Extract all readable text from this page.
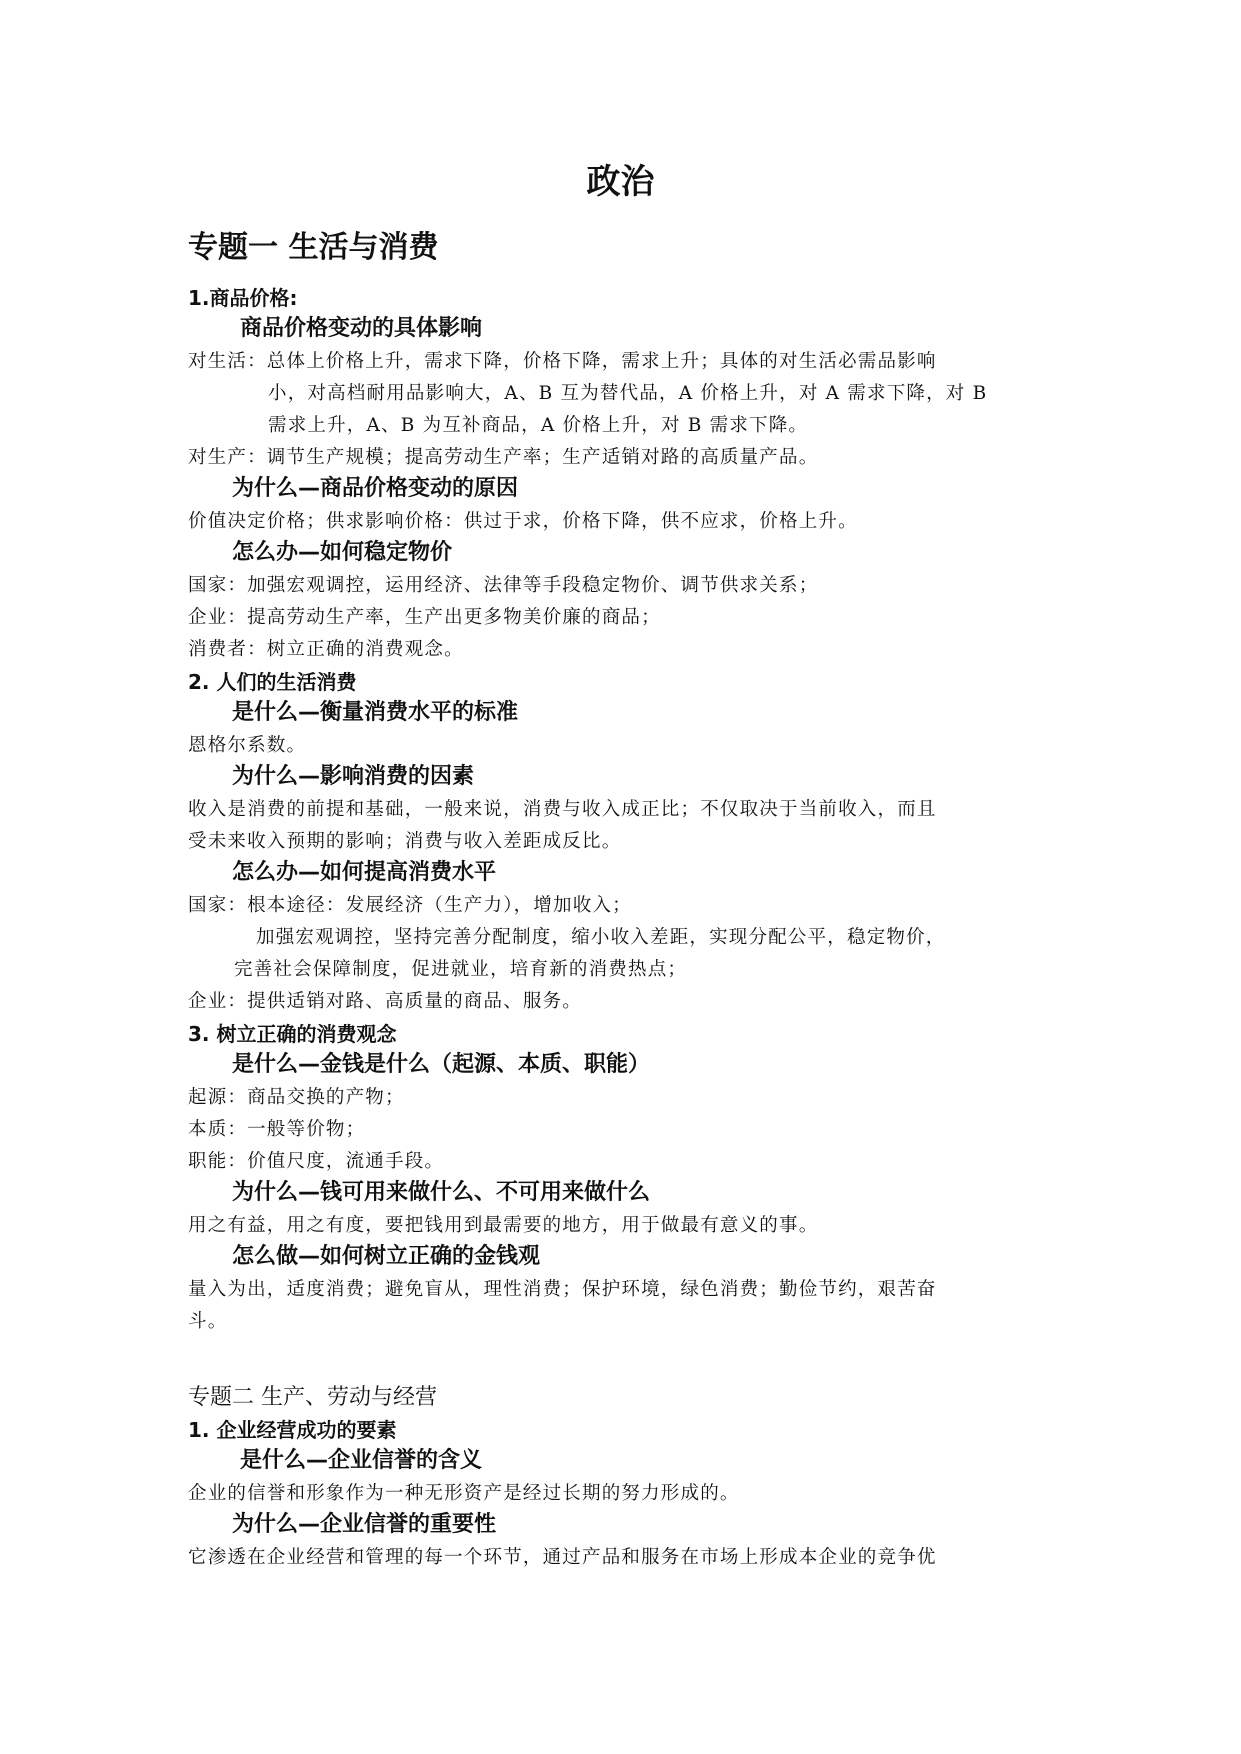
政治
专题一 生活与消费
1.商品价格:
商品价格变动的具体影响
对生活：总体上价格上升，需求下降，价格下降，需求上升；具体的对生活必需品影响
小，对高档耐用品影响大，A、B 互为替代品，A 价格上升，对 A 需求下降，对 B
需求上升，A、B 为互补商品，A 价格上升，对 B 需求下降。
对生产：调节生产规模；提高劳动生产率；生产适销对路的高质量产品。
为什么—商品价格变动的原因
价值决定价格；供求影响价格：供过于求，价格下降，供不应求，价格上升。
怎么办—如何稳定物价
国家：加强宏观调控，运用经济、法律等手段稳定物价、调节供求关系；
企业：提高劳动生产率，生产出更多物美价廉的商品；
消费者：树立正确的消费观念。
2. 人们的生活消费
是什么—衡量消费水平的标准
恩格尔系数。
为什么—影响消费的因素
收入是消费的前提和基础，一般来说，消费与收入成正比；不仅取决于当前收入，而且
受未来收入预期的影响；消费与收入差距成反比。
怎么办—如何提高消费水平
国家：根本途径：发展经济（生产力），增加收入；
加强宏观调控，坚持完善分配制度，缩小收入差距，实现分配公平，稳定物价，
完善社会保障制度，促进就业，培育新的消费热点；
企业：提供适销对路、高质量的商品、服务。
3. 树立正确的消费观念
是什么—金钱是什么（起源、本质、职能）
起源：商品交换的产物；
本质：一般等价物；
职能：价值尺度，流通手段。
为什么—钱可用来做什么、不可用来做什么
用之有益，用之有度，要把钱用到最需要的地方，用于做最有意义的事。
怎么做—如何树立正确的金钱观
量入为出，适度消费；避免盲从，理性消费；保护环境，绿色消费；勤俭节约，艰苦奋
斗。
专题二 生产、劳动与经营
1. 企业经营成功的要素
是什么—企业信誉的含义
企业的信誉和形象作为一种无形资产是经过长期的努力形成的。
为什么—企业信誉的重要性
它渗透在企业经营和管理的每一个环节，通过产品和服务在市场上形成本企业的竞争优
